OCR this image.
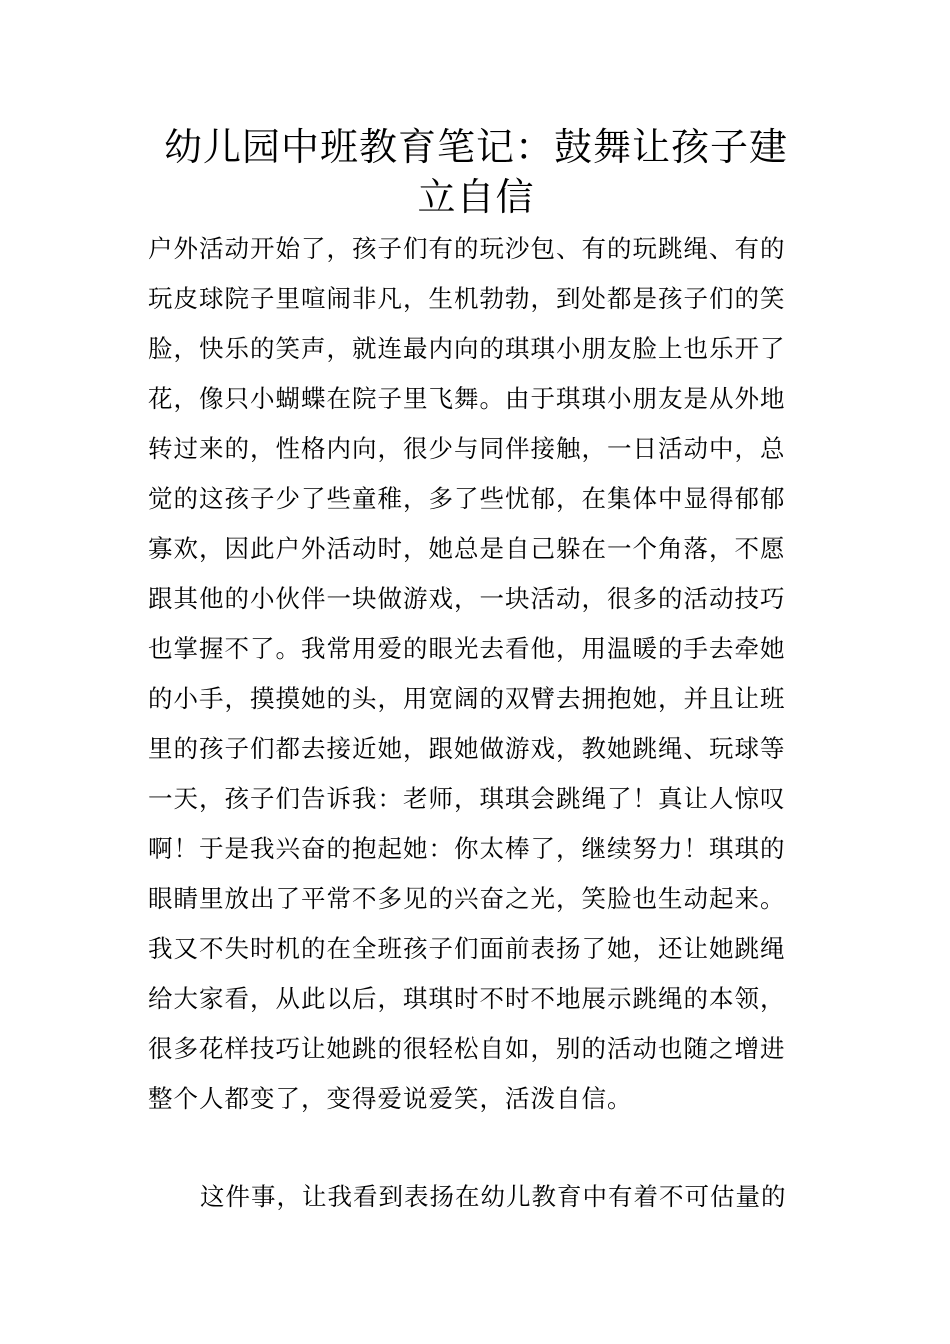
幼儿园中班教育笔记：鼓舞让孩子建立自信
户外活动开始了，孩子们有的玩沙包、有的玩跳绳、有的
玩皮球院子里喧闹非凡，生机勃勃，到处都是孩子们的笑
脸，快乐的笑声，就连最内向的琪琪小朋友脸上也乐开了
花，像只小蝴蝶在院子里飞舞。由于琪琪小朋友是从外地
转过来的，性格内向，很少与同伴接触，一日活动中，总
觉的这孩子少了些童稚，多了些忧郁，在集体中显得郁郁
寡欢，因此户外活动时，她总是自己躲在一个角落，不愿
跟其他的小伙伴一块做游戏，一块活动，很多的活动技巧
也掌握不了。我常用爱的眼光去看他，用温暖的手去牵她
的小手，摸摸她的头，用宽阔的双臂去拥抱她，并且让班
里的孩子们都去接近她，跟她做游戏，教她跳绳、玩球等
一天，孩子们告诉我：老师，琪琪会跳绳了！真让人惊叹
啊！于是我兴奋的抱起她：你太棒了，继续努力！琪琪的
眼睛里放出了平常不多见的兴奋之光，笑脸也生动起来。
我又不失时机的在全班孩子们面前表扬了她，还让她跳绳
给大家看，从此以后，琪琪时不时不地展示跳绳的本领，
很多花样技巧让她跳的很轻松自如，别的活动也随之增进
整个人都变了，变得爱说爱笑，活泼自信。
这件事，让我看到表扬在幼儿教育中有着不可估量的
